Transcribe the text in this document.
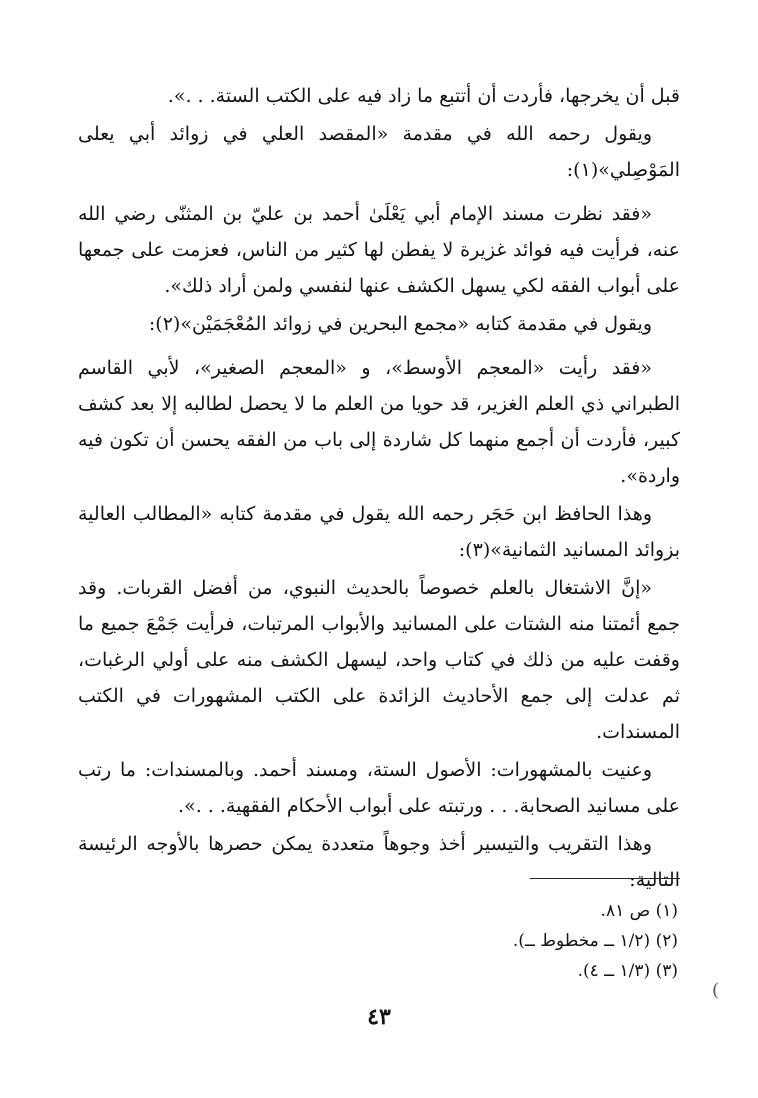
قبل أن يخرجها، فأردت أن أتتبع ما زاد فيه على الكتب الستة. . .».

ويقول رحمه الله في مقدمة «المقصد العلي في زوائد أبي يعلى المَوْصِلي»(١):

«فقد نظرت مسند الإمام أبي يَعْلَىٰ أحمد بن عليّ بن المثنّى رضي الله عنه، فرأيت فيه فوائد غزيرة لا يفطن لها كثير من الناس، فعزمت على جمعها على أبواب الفقه لكي يسهل الكشف عنها لنفسي ولمن أراد ذلك».

ويقول في مقدمة كتابه «مجمع البحرين في زوائد المُعْجَمَيْن»(٢):

«فقد رأيت «المعجم الأوسط»، و «المعجم الصغير»، لأبي القاسم الطبراني ذي العلم الغزير، قد حويا من العلم ما لا يحصل لطالبه إلا بعد كشف كبير، فأردت أن أجمع منهما كل شاردة إلى باب من الفقه يحسن أن تكون فيه واردة».

وهذا الحافظ ابن حَجَر رحمه الله يقول في مقدمة كتابه «المطالب العالية بزوائد المسانيد الثمانية»(٣):

«إنَّ الاشتغال بالعلم خصوصاً بالحديث النبوي، من أفضل القربات. وقد جمع أئمتنا منه الشتات على المسانيد والأبواب المرتبات، فرأيت جَمْعَ جميع ما وقفت عليه من ذلك في كتاب واحد، ليسهل الكشف منه على أولي الرغبات، ثم عدلت إلى جمع الأحاديث الزائدة على الكتب المشهورات في الكتب المسندات.

وعنيت بالمشهورات: الأصول الستة، ومسند أحمد. وبالمسندات: ما رتب على مسانيد الصحابة. . . ورتبته على أبواب الأحكام الفقهية. . .».

وهذا التقريب والتيسير أخذ وجوهاً متعددة يمكن حصرها بالأوجه الرئيسة التالية:

(١) ص ٨١.

(٢) (١/٢ ــ مخطوط ــ).

(٣) (١/٣ ــ ٤).

(
٤٣
